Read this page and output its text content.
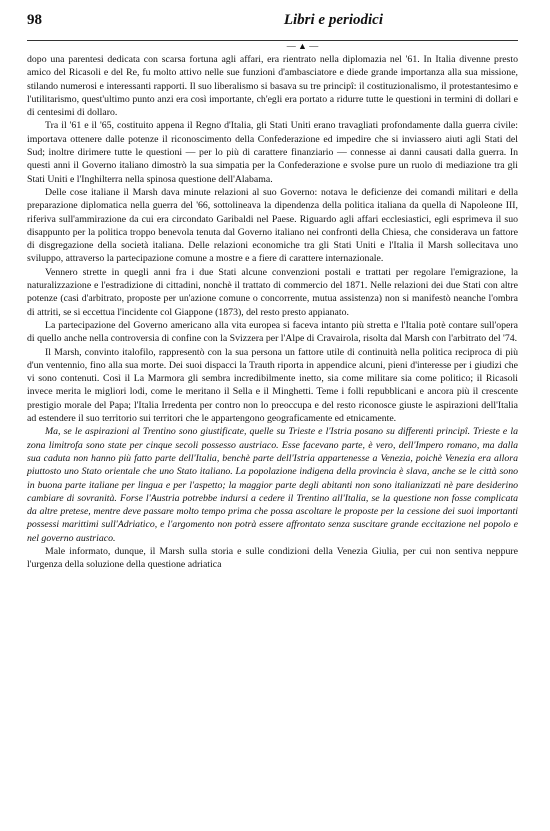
98	Libri e periodici
— ▲ —

dopo una parentesi dedicata con scarsa fortuna agli affari, era rientrato nella diplomazia nel '61. In Italia divenne presto amico del Ricasoli e del Re, fu molto attivo nelle sue funzioni d'ambasciatore e diede grande importanza alla sua missione, stilando numerosi e interessanti rapporti. Il suo liberalismo si basava su tre principî: il costituzionalismo, il protestantesimo e l'utilitarismo, quest'ultimo punto anzi era così importante, ch'egli era portato a ridurre tutte le questioni in termini di dollari e di centesimi di dollaro.

Tra il '61 e il '65, costituito appena il Regno d'Italia, gli Stati Uniti erano travagliati profondamente dalla guerra civile: importava ottenere dalle potenze il riconoscimento della Confederazione ed impedire che si inviassero aiuti agli Stati del Sud; inoltre dirimere tutte le questioni — per lo più di carattere finanziario — connesse ai danni causati dalla guerra. In questi anni il Governo italiano dimostrò la sua simpatia per la Confederazione e svolse pure un ruolo di mediazione tra gli Stati Uniti e l'Inghilterra nella spinosa questione dell'Alabama.

Delle cose italiane il Marsh dava minute relazioni al suo Governo: notava le deficienze dei comandi militari e della preparazione diplomatica nella guerra del '66, sottolineava la dipendenza della politica italiana da quella di Napoleone III, riferiva sull'ammirazione da cui era circondato Garibaldi nel Paese. Riguardo agli affari ecclesiastici, egli esprimeva il suo disappunto per la politica troppo benevola tenuta dal Governo italiano nei confronti della Chiesa, che considerava un fattore di disgregazione della società italiana. Delle relazioni economiche tra gli Stati Uniti e l'Italia il Marsh sollecitava uno sviluppo, attraverso la partecipazione comune a mostre e a fiere di carattere internazionale.

Vennero strette in quegli anni fra i due Stati alcune convenzioni postali e trattati per regolare l'emigrazione, la naturalizzazione e l'estradizione di cittadini, nonchè il trattato di commercio del 1871. Nelle relazioni dei due Stati con altre potenze (casi d'arbitrato, proposte per un'azione comune o concorrente, mutua assistenza) non si manifestò neanche l'ombra di attriti, se si eccettua l'incidente col Giappone (1873), del resto presto appianato.

La partecipazione del Governo americano alla vita europea si faceva intanto più stretta e l'Italia potè contare sull'opera di quello anche nella controversia di confine con la Svizzera per l'Alpe di Cravairola, risolta dal Marsh con l'arbitrato del '74.

Il Marsh, convinto italofilo, rappresentò con la sua persona un fattore utile di continuità nella politica reciproca di più d'un ventennio, fino alla sua morte. Dei suoi dispacci la Trauth riporta in appendice alcuni, pieni d'interesse per i giudizi che vi sono contenuti. Così il La Marmora gli sembra incredibilmente inetto, sia come militare sia come politico; il Ricasoli invece merita le migliori lodi, come le meritano il Sella e il Minghetti. Teme i folli repubblicani e ancora più il crescente prestigio morale del Papa; l'Italia Irredenta per contro non lo preoccupa e del resto riconosce giuste le aspirazioni dell'Italia ad estendere il suo territorio sui territori che le appartengono geograficamente ed etnicamente.

Ma, se le aspirazioni al Trentino sono giustificate, quelle su Trieste e l'Istria posano su differenti principî. Trieste e la zona limitrofa sono state per cinque secoli possesso austriaco. Esse facevano parte, è vero, dell'Impero romano, ma dalla sua caduta non hanno più fatto parte dell'Italia, benchè parte dell'Istria appartenesse a Venezia, poichè Venezia era allora piuttosto uno Stato orientale che uno Stato italiano. La popolazione indigena della provincia è slava, anche se le città sono in buona parte italiane per lingua e per l'aspetto; la maggior parte degli abitanti non sono italianizzati nè pare desiderino cambiare di sovranità. Forse l'Austria potrebbe indursi a cedere il Trentino all'Italia, se la questione non fosse complicata da altre pretese, mentre deve passare molto tempo prima che possa ascoltare le proposte per la cessione dei suoi importanti possessi marittimi sull'Adriatico, e l'argomento non potrà essere affrontato senza suscitare grande eccitazione nel popolo e nel governo austriaco.

Male informato, dunque, il Marsh sulla storia e sulle condizioni della Venezia Giulia, per cui non sentiva neppure l'urgenza della soluzione della questione adriatica
